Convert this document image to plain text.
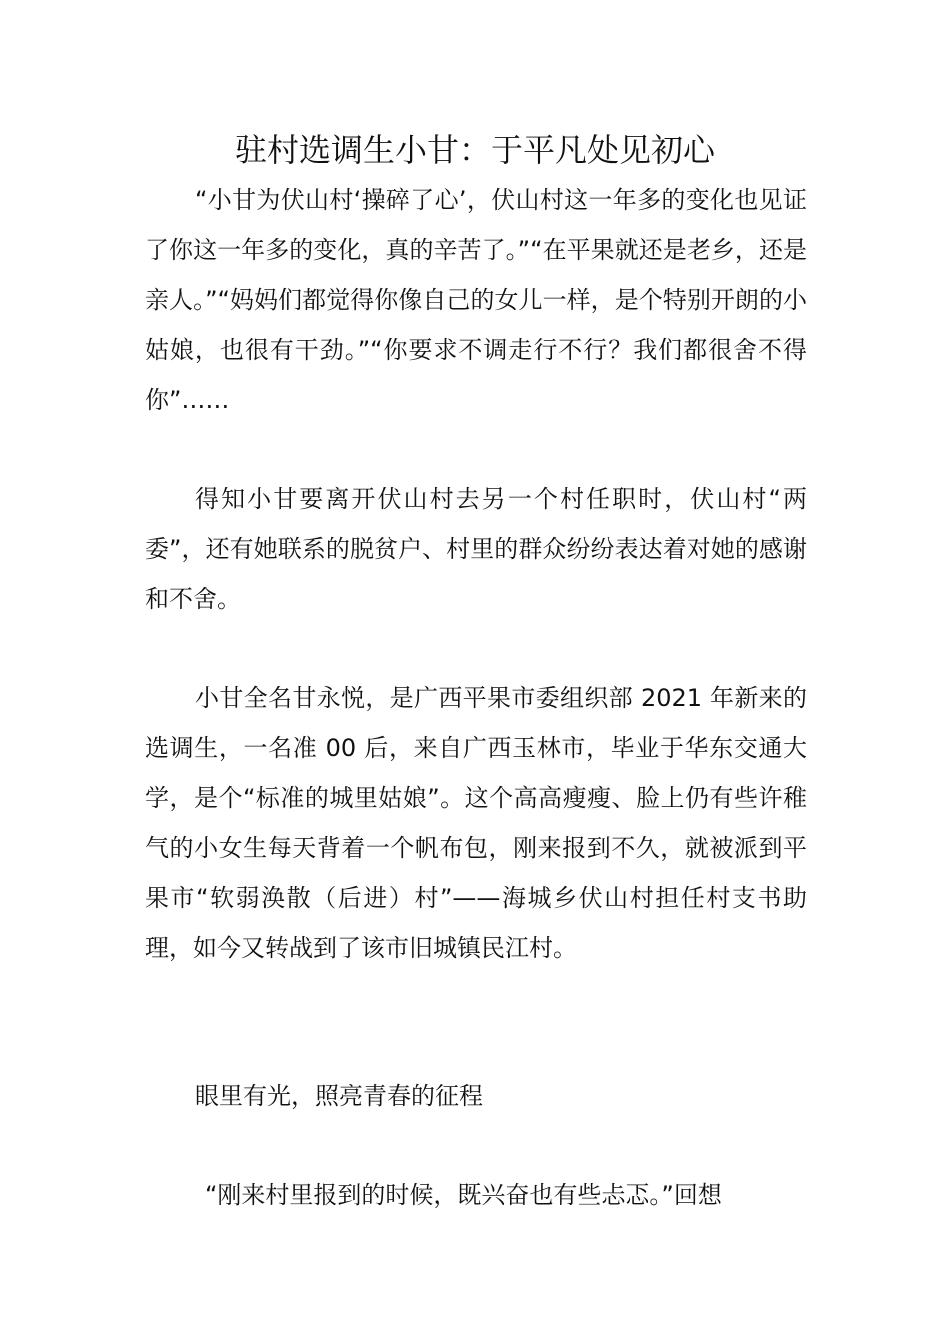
驻村选调生小甘：于平凡处见初心

“小甘为伏山村‘操碎了心’，伏山村这一年多的变化也见证了你这一年多的变化，真的辛苦了。”“在平果就还是老乡，还是亲人。”“妈妈们都觉得你像自己的女儿一样，是个特别开朗的小姑娘，也很有干劲。”“你要求不调走行不行？我们都很舍不得你”……

得知小甘要离开伏山村去另一个村任职时，伏山村“两委”，还有她联系的脱贫户、村里的群众纷纷表达着对她的感谢和不舍。

小甘全名甘永悦，是广西平果市委组织部 2021 年新来的选调生，一名准 00 后，来自广西玉林市，毕业于华东交通大学，是个“标准的城里姑娘”。这个高高瘦瘦、脸上仍有些许稚气的小女生每天背着一个帆布包，刚来报到不久，就被派到平果市“软弱涣散（后进）村”——海城乡伏山村担任村支书助理，如今又转战到了该市旧城镇民江村。

眼里有光，照亮青春的征程

“刚来村里报到的时候，既兴奋也有些忐忑。”回想
